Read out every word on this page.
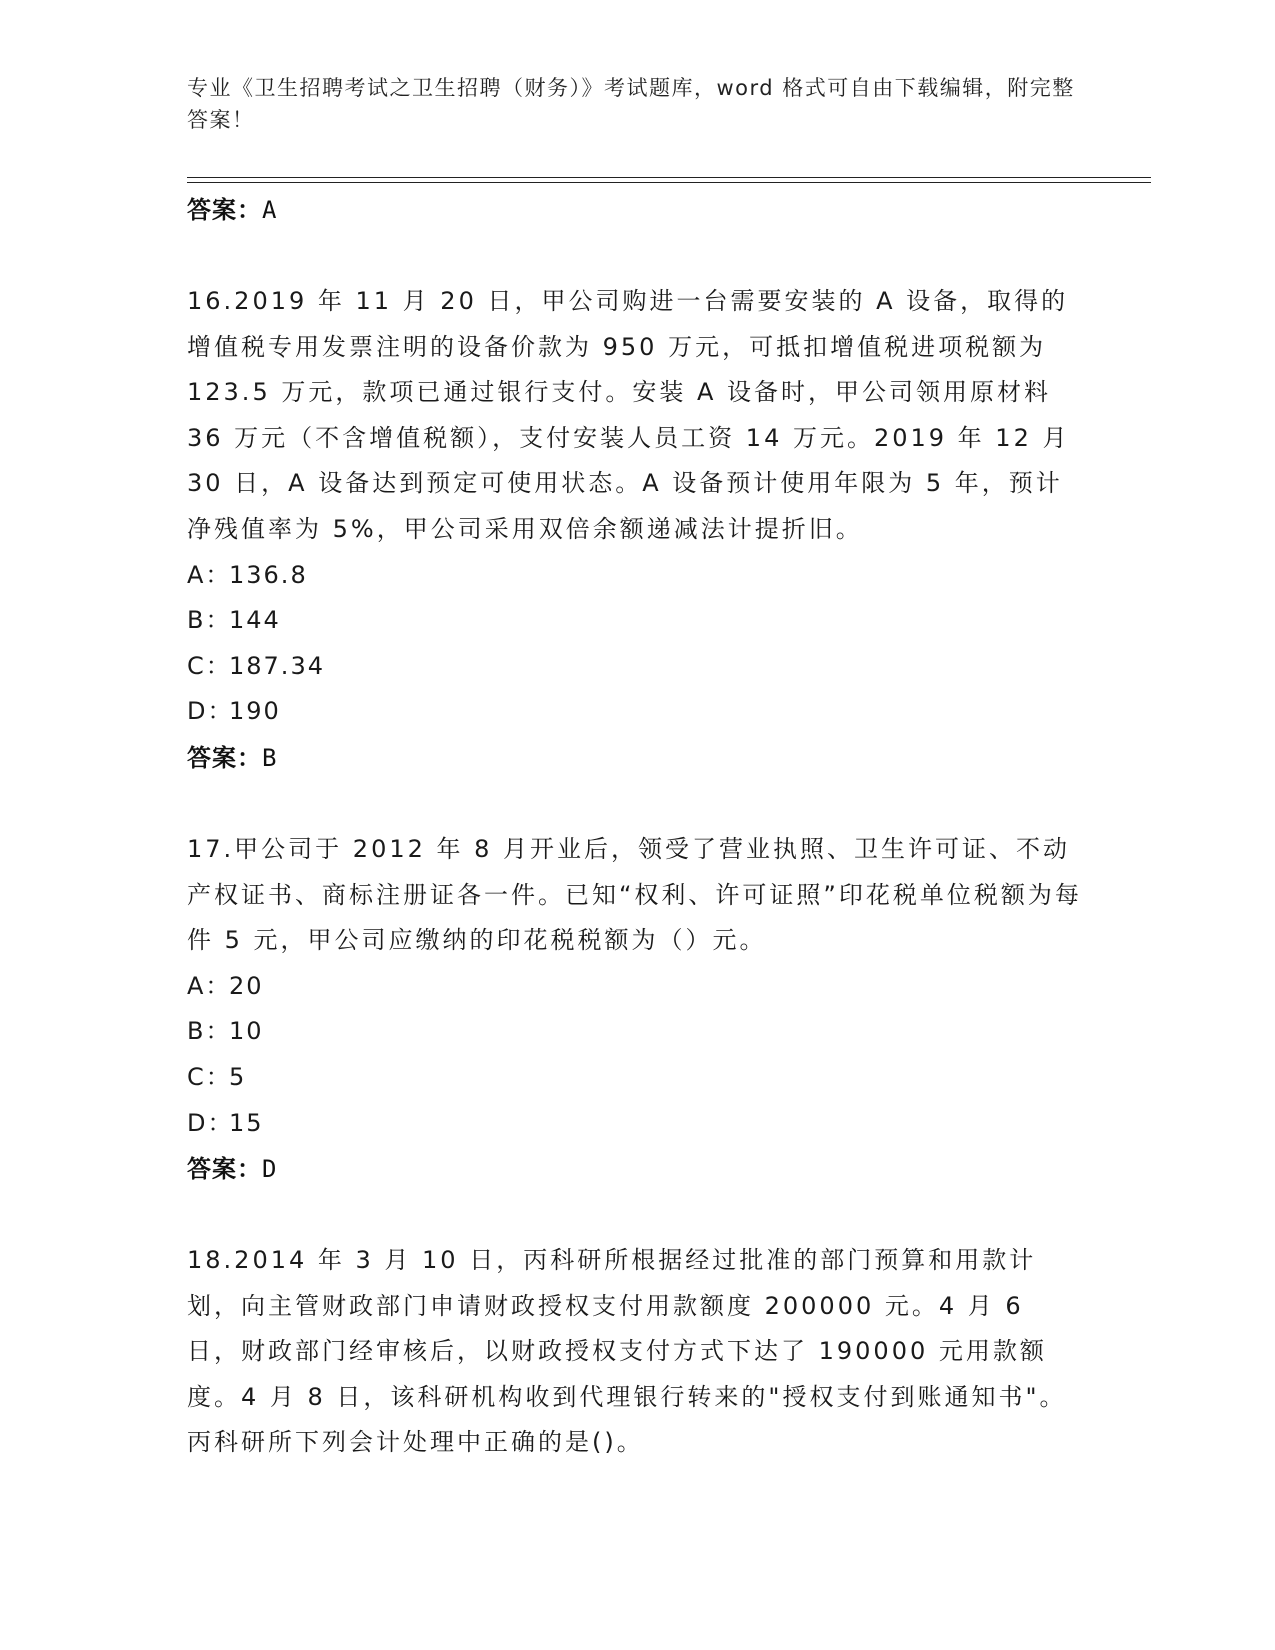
专业《卫生招聘考试之卫生招聘（财务）》考试题库，word 格式可自由下载编辑，附完整答案！
答案：A

16.2019 年 11 月 20 日，甲公司购进一台需要安装的 A 设备，取得的增值税专用发票注明的设备价款为 950 万元，可抵扣增值税进项税额为 123.5 万元，款项已通过银行支付。安装 A 设备时，甲公司领用原材料 36 万元（不含增值税额），支付安装人员工资 14 万元。2019 年 12 月 30 日，A 设备达到预定可使用状态。A 设备预计使用年限为 5 年，预计净残值率为 5%，甲公司采用双倍余额递减法计提折旧。

A：136.8
B：144
C：187.34
D：190
答案：B

17.甲公司于 2012 年 8 月开业后，领受了营业执照、卫生许可证、不动产权证书、商标注册证各一件。已知“权利、许可证照”印花税单位税额为每件 5 元，甲公司应缴纳的印花税税额为（）元。

A：20
B：10
C：5
D：15
答案：D

18.2014 年 3 月 10 日，丙科研所根据经过批准的部门预算和用款计划，向主管财政部门申请财政授权支付用款额度 200000 元。4 月 6 日，财政部门经审核后，以财政授权支付方式下达了 190000 元用款额度。4 月 8 日，该科研机构收到代理银行转来的"授权支付到账通知书"。丙科研所下列会计处理中正确的是()。
